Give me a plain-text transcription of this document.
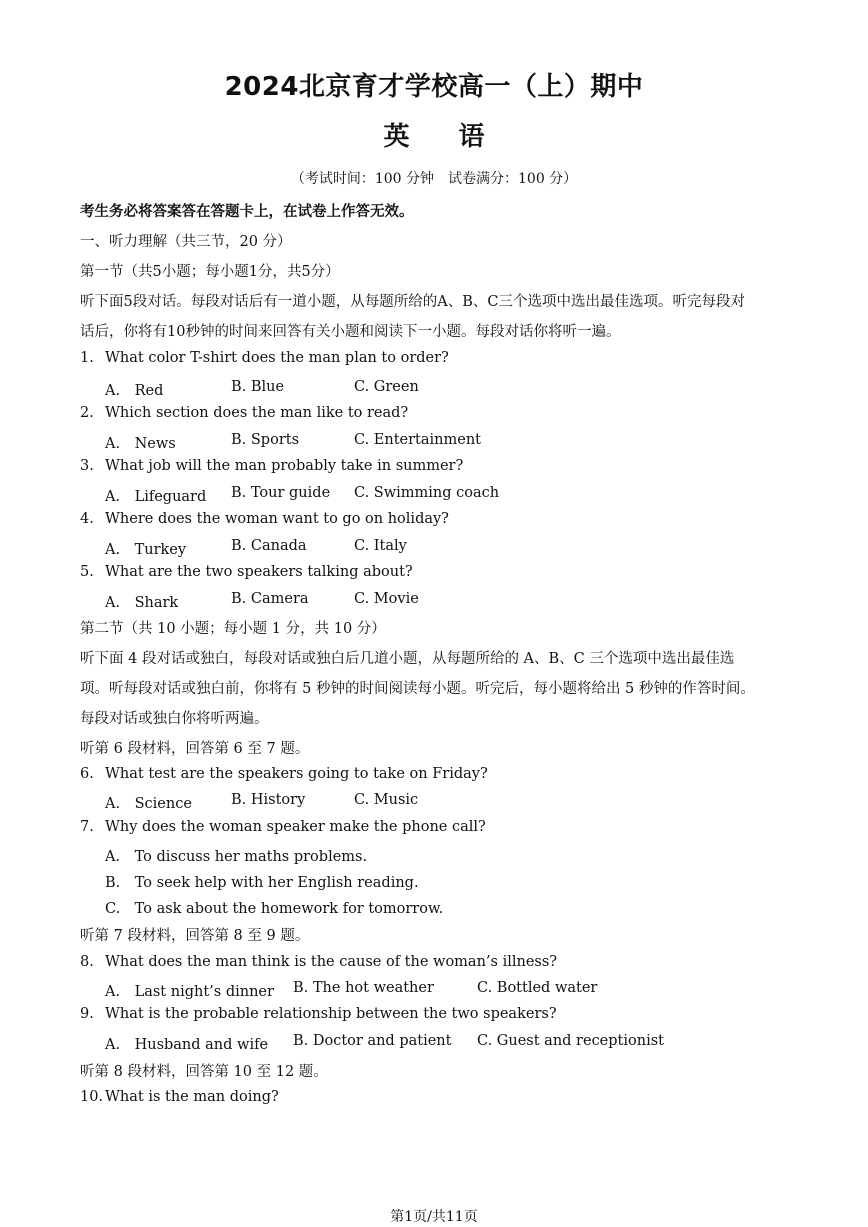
2024北京育才学校高一（上）期中
英 语
（考试时间：100 分钟　试卷满分：100 分）
考生务必将答案答在答题卡上，在试卷上作答无效。
一、听力理解（共三节，20 分）
第一节（共5小题；每小题1分，共5分）
听下面5段对话。每段对话后有一道小题，从每题所给的A、B、C三个选项中选出最佳选项。听完每段对
话后，你将有10秒钟的时间来回答有关小题和阅读下一小题。每段对话你将听一遍。
1. What color T-shirt does the man plan to order?
A.　Red	B. Blue	C. Green
2. Which section does the man like to read?
A.　News	B. Sports	C. Entertainment
3. What job will the man probably take in summer?
A.　Lifeguard B. Tour guide C. Swimming coach
4. Where does the woman want to go on holiday?
A.　Turkey	B. Canada	C. Italy
5. What are the two speakers talking about?
A.　Shark	B. Camera	C. Movie
第二节（共 10 小题；每小题 1 分，共 10 分）
听下面 4 段对话或独白，每段对话或独白后几道小题，从每题所给的 A、B、C 三个选项中选出最佳选
项。听每段对话或独白前，你将有 5 秒钟的时间阅读每小题。听完后，每小题将给出 5 秒钟的作答时间。
每段对话或独白你将听两遍。
听第 6 段材料，回答第 6 至 7 题。
6. What test are the speakers going to take on Friday?
A.　Science	B. History	C. Music
7. Why does the woman speaker make the phone call?
A.　To discuss her maths problems.
B.　To seek help with her English reading.
C.　To ask about the homework for tomorrow.
听第 7 段材料，回答第 8 至 9 题。
8. What does the man think is the cause of the woman’s illness?
A.　Last night’s dinner B. The hot weather	C. Bottled water
9. What is the probable relationship between the two speakers?
A.　Husband and wife B. Doctor and patient C. Guest and receptionist
听第 8 段材料，回答第 10 至 12 题。
10. What is the man doing?
第1页/共11页
